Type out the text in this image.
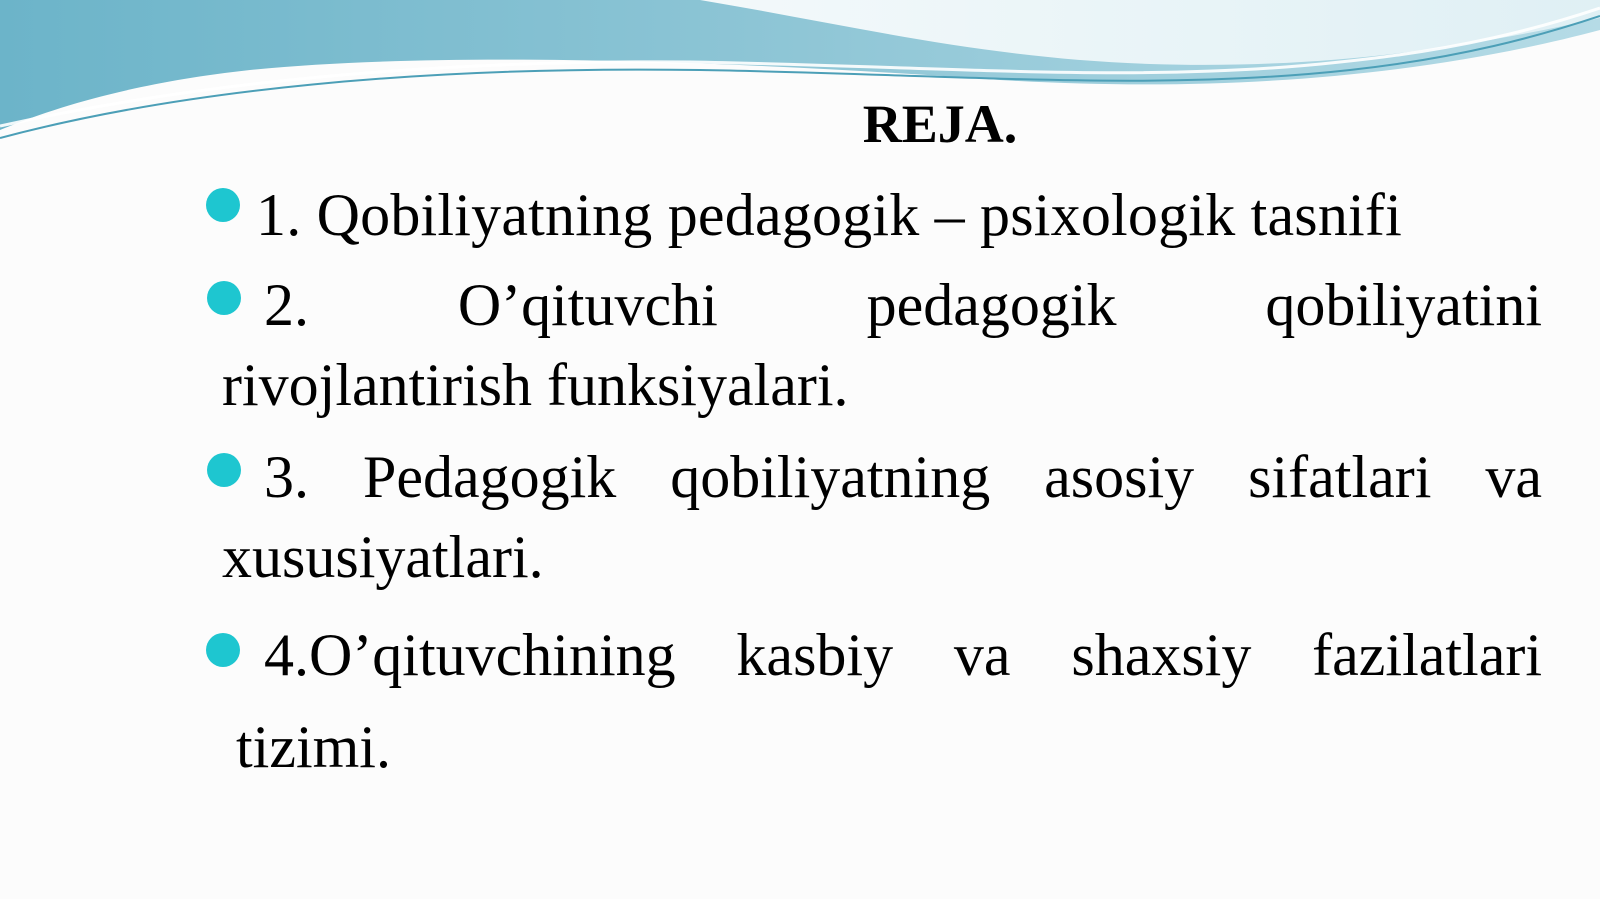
REJA.
1. Qobiliyatning pedagogik – psixologik tasnifi
2. O’qituvchi pedagogik qobiliyatini
rivojlantirish funksiyalari.
3. Pedagogik qobiliyatning asosiy sifatlari va
xususiyatlari.
4.O’qituvchining kasbiy va shaxsiy fazilatlari
tizimi.
